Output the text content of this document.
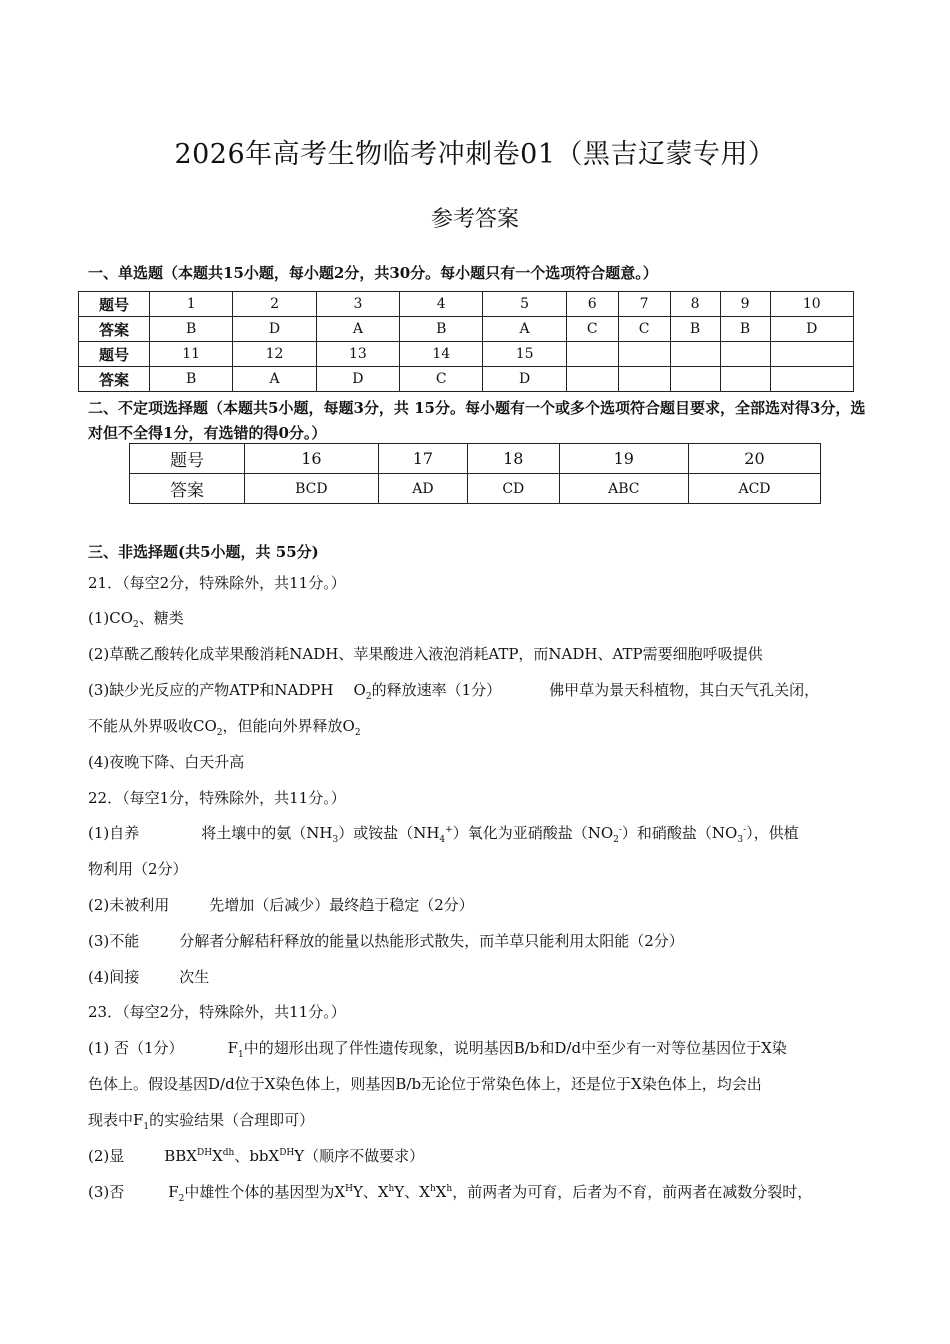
2026年高考生物临考冲刺卷01（黑吉辽蒙专用）
参考答案
一、单选题（本题共15小题，每小题2分，共30分。每小题只有一个选项符合题意。）
题号	1	2	3	4	5	6	7	8	9	10
答案	B	D	A	B	A	C	C	B	B	D
题号	11	12	13	14	15					
答案	B	A	D	C	D					
二、不定项选择题（本题共5小题，每题3分，共 15分。每小题有一个或多个选项符合题目要求，全部选对得3分，选对但不全得1分，有选错的得0分。）
题号	16	17	18	19	20
答案	BCD	AD	CD	ABC	ACD
三、非选择题(共5小题，共 55分)
21．（每空2分，特殊除外，共11分。）
$(1)CO_2$、糖类
(2)草酰乙酸转化成苹果酸消耗NADH、苹果酸进入液泡消耗ATP，而NADH、ATP需要细胞呼吸提供
(3)缺少光反应的产物ATP和NADPH $O_2$的释放速率（1分）	佛甲草为景天科植物，其白天气孔关闭，
不能从外界吸收$CO_2$，但能向外界释放$O_2$
(4)夜晚下降、白天升高
22．（每空1分，特殊除外，共11分。）
(1)自养	将土壤中的氨$(NH_3)$或铵盐$(NH_4^+)$氧化为亚硝酸盐$(NO_2^-)$和硝酸盐$(NO_3^-)$，供植
物利用（2分）
(2)未被利用	先增加（后减少）最终趋于稳定（2分）
(3)不能	分解者分解秸秆释放的能量以热能形式散失，而羊草只能利用太阳能（2分）
(4)间接	次生
23．（每空2分，特殊除外，共11分。）
(1) 否（1分）	$F_1$中的翅形出现了伴性遗传现象，说明基因B/b和D/d中至少有一对等位基因位于X染
色体上。假设基因D/d位于X染色体上，则基因B/b无论位于常染色体上，还是位于X染色体上，均会出
现表中$F_1$的实验结果（合理即可）
(2)显	$BBX^{DH}X^{dh}$、bbX$^{DH}$Y（顺序不做要求）
(3)否	$F_2$中雄性个体的基因型为$X^HY$、$X^hY$、$X^hX^h$，前两者为可育，后者为不育，前两者在减数分裂时，
